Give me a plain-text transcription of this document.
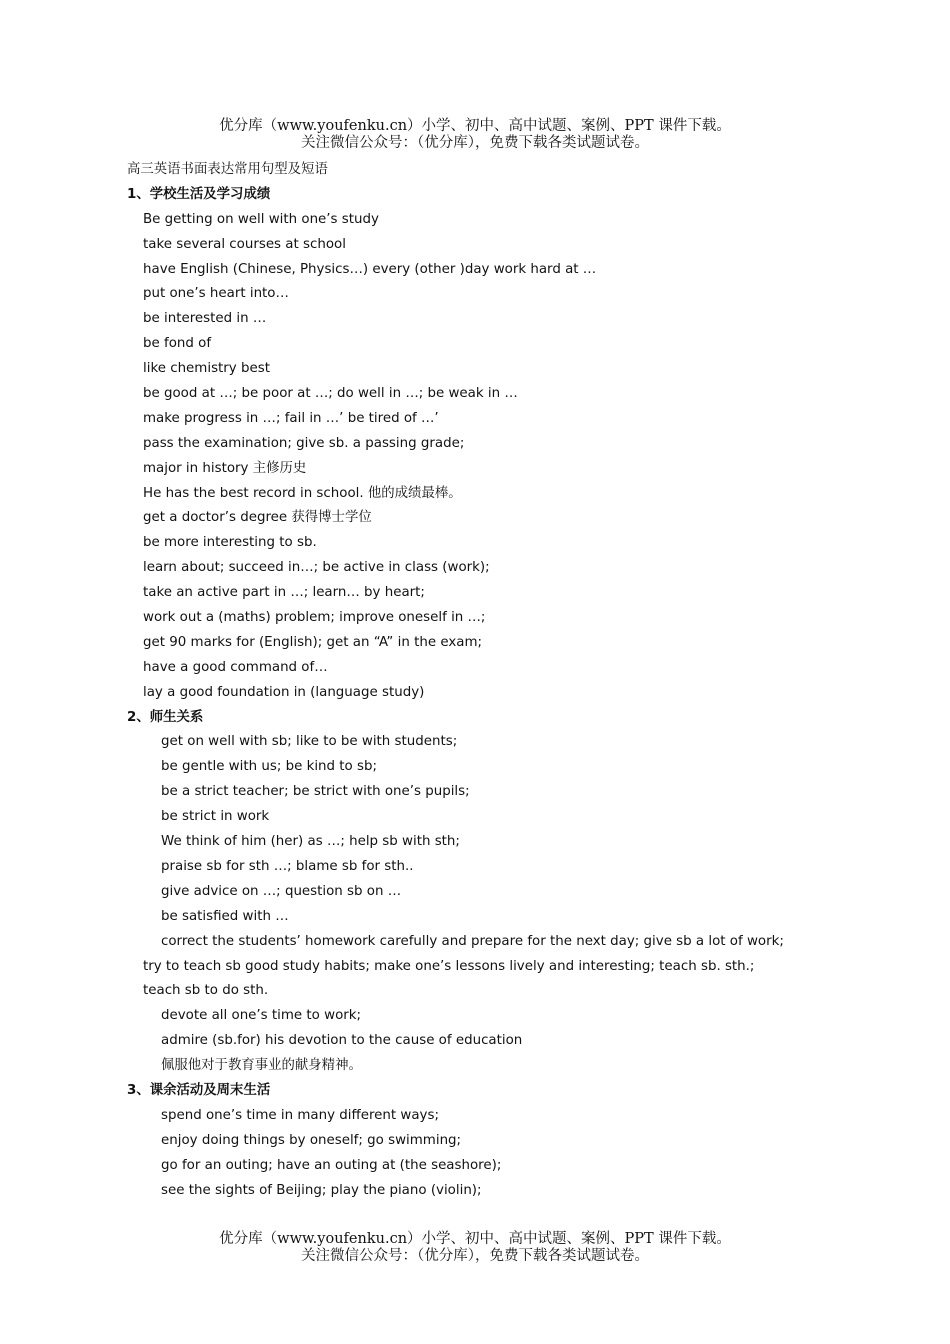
优分库（www.youfenku.cn）小学、初中、高中试题、案例、PPT 课件下载。
关注微信公众号：（优分库），免费下载各类试题试卷。
高三英语书面表达常用句型及短语
1、学校生活及学习成绩
Be getting on well with one’s study
take several courses at school
have English (Chinese, Physics…) every (other )day work hard at …
put one’s heart into…
be interested in …
be fond of
like chemistry best
be good at …; be poor at …; do well in …; be weak in …
make progress in …; fail in …’ be tired of …’
pass the examination; give sb. a passing grade;
major in history 主修历史
He has the best record in school. 他的成绩最棒。
get a doctor’s degree 获得博士学位
be more interesting to sb.
learn about; succeed in…; be active in class (work);
take an active part in …; learn… by heart;
work out a (maths) problem; improve oneself in …;
get 90 marks for (English); get an “A” in the exam;
have a good command of…
lay a good foundation in (language study)
2、师生关系
get on well with sb; like to be with students;
be gentle with us; be kind to sb;
be a strict teacher; be strict with one’s pupils;
be strict in work
We think of him (her) as …; help sb with sth;
praise sb for sth …; blame sb for sth..
give advice on …; question sb on …
be satisfied with …
correct the students’ homework carefully and prepare for the next day; give sb a lot of work;
try to teach sb good study habits; make one’s lessons lively and interesting; teach sb. sth.;
teach sb to do sth.
devote all one’s time to work;
admire (sb.for) his devotion to the cause of education
佩服他对于教育事业的献身精神。
3、课余活动及周末生活
spend one’s time in many different ways;
enjoy doing things by oneself; go swimming;
go for an outing; have an outing at (the seashore);
see the sights of Beijing; play the piano (violin);
优分库（www.youfenku.cn）小学、初中、高中试题、案例、PPT 课件下载。
关注微信公众号：（优分库），免费下载各类试题试卷。
